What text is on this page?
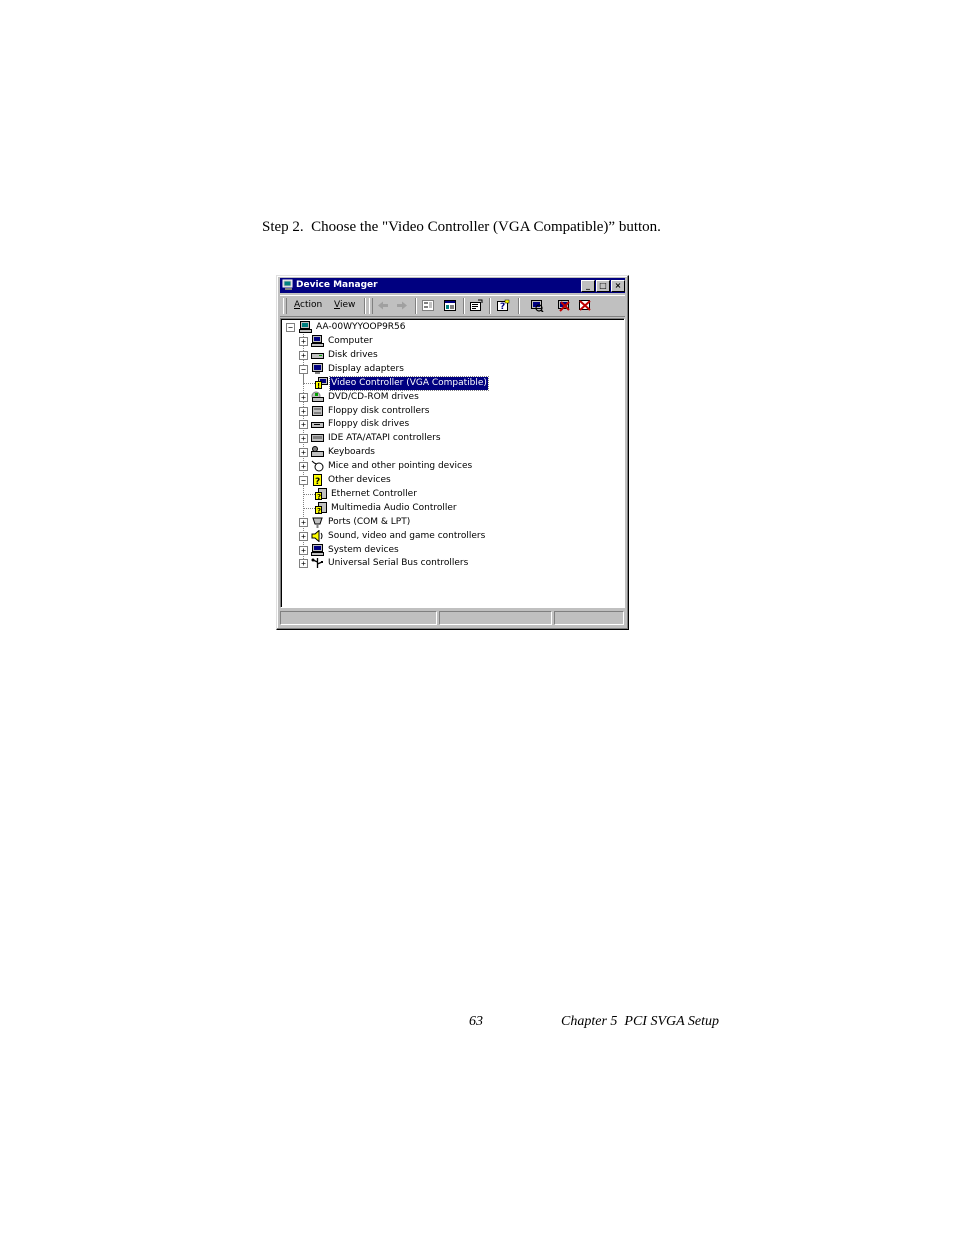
Step 2.  Choose the "Video Controller (VGA Compatible)” button.
Device Manager	_	□ ×
Action View	?
−	AA-00WYYOOP9R56
+ Computer
+ Disk drives
− Display adapters
! Video Controller (VGA Compatible)
+ DVD/CD-ROM drives
+ Floppy disk controllers
+ Floppy disk drives
+ IDE ATA/ATAPI controllers
+ Keyboards
+ Mice and other pointing devices
− ? Other devices
? Ethernet Controller
? Multimedia Audio Controller
+ Ports (COM & LPT)
+ Sound, video and game controllers
+ System devices
+ Universal Serial Bus controllers
63	Chapter 5  PCI SVGA Setup
